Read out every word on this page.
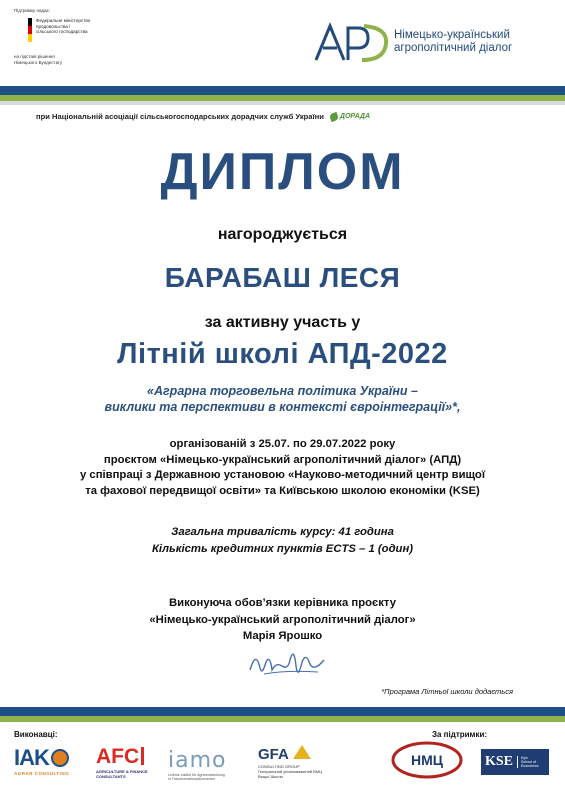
Підтримку надає:
Федеральне міністерство
продовольства і
сільського господарства
на підставі рішення
Німецького Бундестагу
Німецько-український
агрополітичний діалог
при Національній асоціації сільськогосподарських дорадчих служб України ДОРАДА
ДИПЛОМ
нагороджується
БАРАБАШ ЛЕСЯ
за активну участь у
Літній школі АПД-2022
«Аграрна торговельна політика України –
виклики та перспективи в контексті євроінтеграції»*,
організованій з 25.07. по 29.07.2022 року
проєктом «Німецько-український агрополітичний діалог» (АПД)
у співпраці з Державною установою «Науково-методичний центр вищої
та фахової передвищої освіти» та Київською школою економіки (KSE)
Загальна тривалість курсу: 41 година
Кількість кредитних пунктів ECTS – 1 (один)
Виконуюча обов’язки керівника проєкту
«Німецько-український агрополітичний діалог»
Марія Ярошко
*Програма Літньої школи додається
Виконавці:	За підтримки:
IAK
AGRAR CONSULTING
AFC
AGRICULTURE & FINANCE
CONSULTANTS
iamo
Leibniz-Institut für Agrarentwicklung
in Transformationsökonomien
GFA
CONSULTING GROUP
Генеральний уповноважений ВМЦ
Вищої Школи
НМЦ	KSE	Kyiv
School of
Economics
